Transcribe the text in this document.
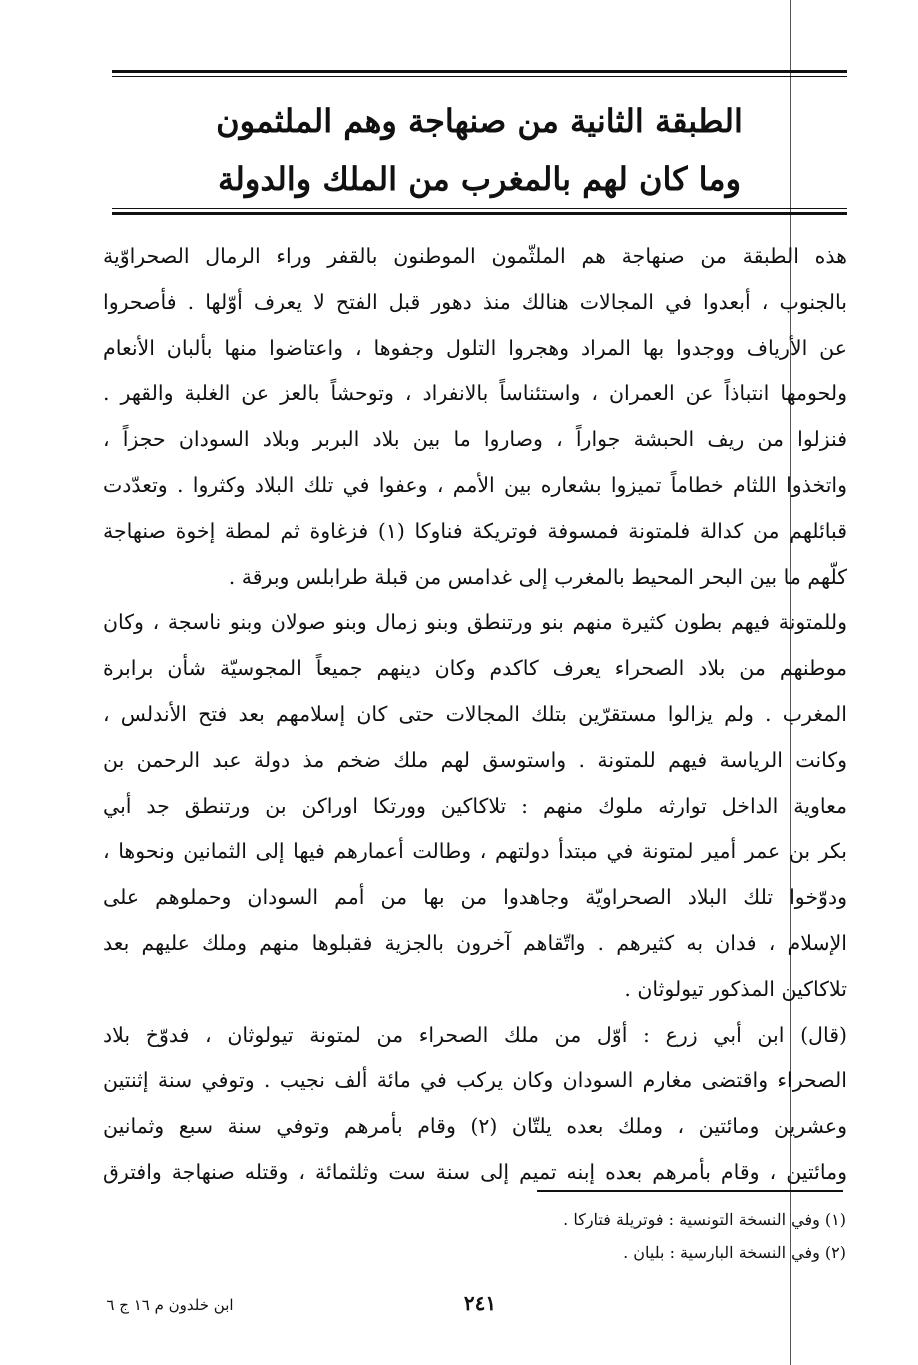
الطبقة الثانية من صنهاجة وهم الملثمون
وما كان لهم بالمغرب من الملك والدولة
هذه الطبقة من صنهاجة هم الملثّمون الموطنون بالقفر وراء الرمال الصحراوّية
بالجنوب ، أبعدوا في المجالات هنالك منذ دهور قبل الفتح لا يعرف أوّلها . فأصحروا
عن الأرياف ووجدوا بها المراد وهجروا التلول وجفوها ، واعتاضوا منها بألبان الأنعام
ولحومها انتباذاً عن العمران ، واستئناساً بالانفراد ، وتوحشاً بالعز عن الغلبة والقهر .
فنزلوا من ريف الحبشة جواراً ، وصاروا ما بين بلاد البربر وبلاد السودان حجزاً ،
واتخذوا اللثام خطاماً تميزوا بشعاره بين الأمم ، وعفوا في تلك البلاد وكثروا . وتعدّدت
قبائلهم من كدالة فلمتونة فمسوفة فوتريكة فناوكا (١) فزغاوة ثم لمطة إخوة صنهاجة
كلّهم ما بين البحر المحيط بالمغرب إلى غدامس من قبلة طرابلس وبرقة .
وللمتونة فيهم بطون كثيرة منهم بنو ورتنطق وبنو زمال وبنو صولان وبنو ناسجة ، وكان
موطنهم من بلاد الصحراء يعرف كاكدم وكان دينهم جميعاً المجوسيّة شأن برابرة
المغرب . ولم يزالوا مستقرّين بتلك المجالات حتى كان إسلامهم بعد فتح الأندلس ،
وكانت الرياسة فيهم للمتونة . واستوسق لهم ملك ضخم مذ دولة عبد الرحمن بن
معاوية الداخل توارثه ملوك منهم : تلاكاكين وورتكا اوراكن بن ورتنطق جد أبي
بكر بن عمر أمير لمتونة في مبتدأ دولتهم ، وطالت أعمارهم فيها إلى الثمانين ونحوها ،
ودوّخوا تلك البلاد الصحراويّة وجاهدوا من بها من أمم السودان وحملوهم على
الإسلام ، فدان به كثيرهم . واتّقاهم آخرون بالجزية فقبلوها منهم وملك عليهم بعد
تلاكاكين المذكور تيولوثان .
(قال) ابن أبي زرع : أوّل من ملك الصحراء من لمتونة تيولوثان ، فدوّخ بلاد
الصحراء واقتضى مغارم السودان وكان يركب في مائة ألف نجيب . وتوفي سنة إثنتين
وعشرين ومائتين ، وملك بعده يلتّان (٢) وقام بأمرهم وتوفي سنة سبع وثمانين
ومائتين ، وقام بأمرهم بعده إبنه تميم إلى سنة ست وثلثمائة ، وقتله صنهاجة وافترق
(١) وفي النسخة التونسية : فوتريلة فتاركا .
(٢) وفي النسخة البارسية : بليان .
٢٤١
ابن خلدون م ١٦ ج ٦
